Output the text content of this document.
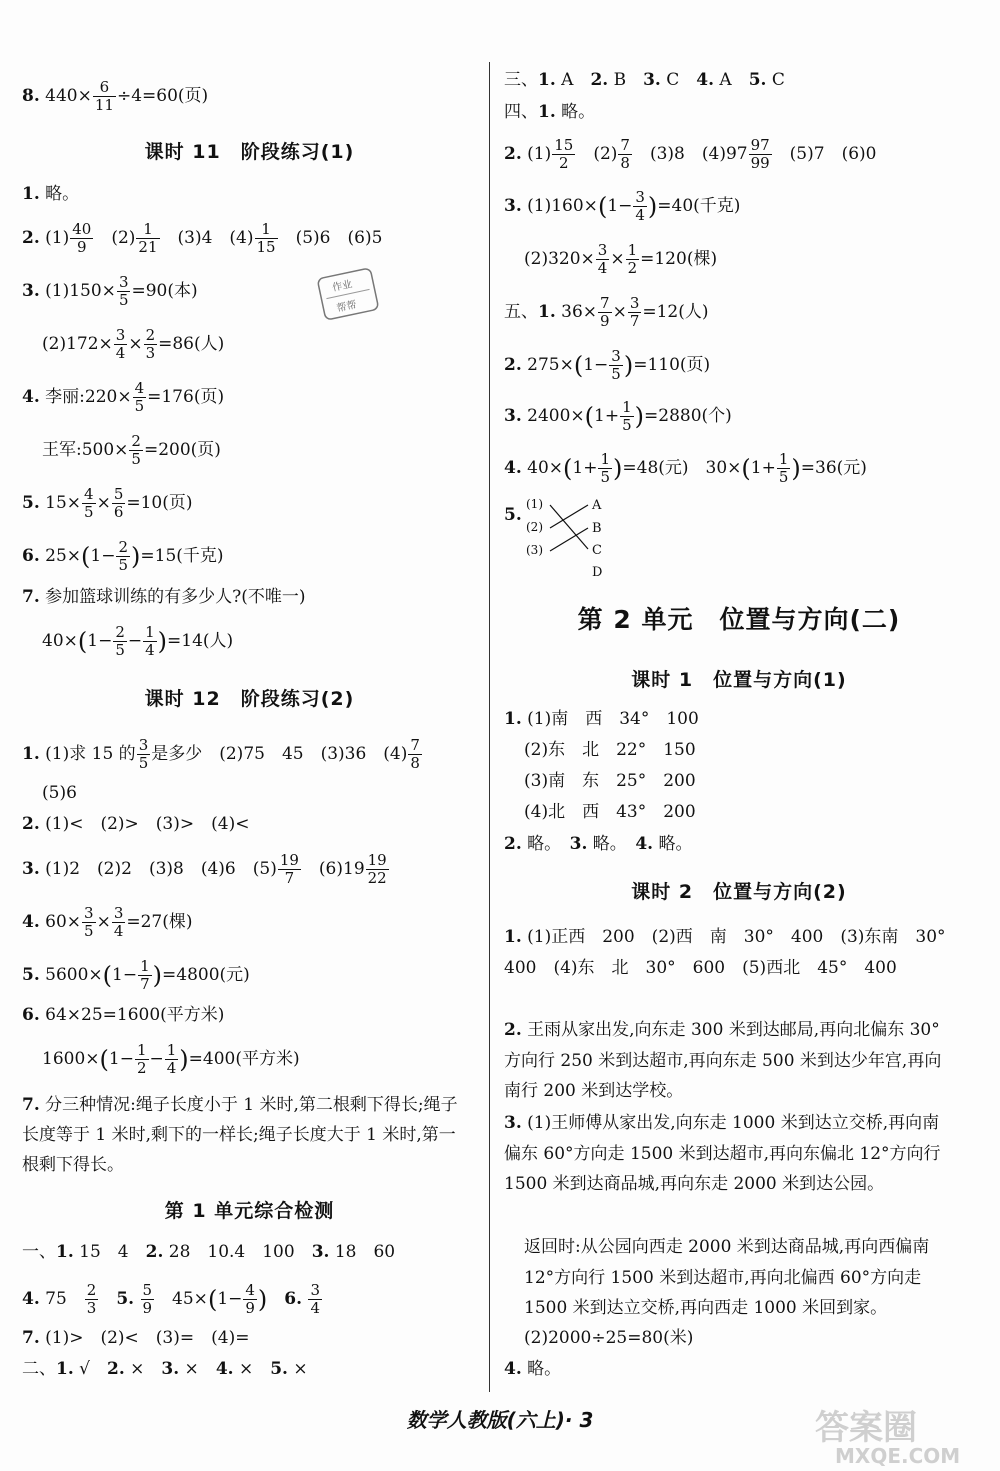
8. $440\times \frac{6}{11} \div 4=60$(页)
课时 11　阶段练习(1)
1. 略。
2. $(1) \frac{40}{9}$ 　$(2) \frac{1}{21}$ 　(3)4　$(4) \frac{1}{15}$ 　(5)6　(6)5
3. $(1)150\times \frac{3}{5} =90$(本)
$(2)172\times \frac{3}{4} \times \frac{2}{3} =86$(人)
4. 李丽:220× $\frac{4}{5} =176$(页)
王军:500× $\frac{2}{5} =200$(页)
5. $15\times \frac{4}{5} \times \frac{5}{6} =10$(页)
6. $25\times(1- \frac{2}{5} )=15$(千克)
7. 参加篮球训练的有多少人?(不唯一)
$40\times(1- \frac{2}{5} - \frac{1}{4} )=14$(人)
课时 12　阶段练习(2)
1. (1)求 15 的 $\frac{3}{5}$ 是多少　(2)75　45　(3)36　$(4) \frac{7}{8}$
(5)6
2. (1)<　(2)>　(3)>　(4)<
3. (1)2　(2)2　(3)8　(4)6　$(5) \frac{19}{7}$ 　$(6)19 \frac{19}{22}$
4. $60\times \frac{3}{5} \times \frac{3}{4} =27$(棵)
5. $5600\times(1- \frac{1}{7} )=4800$(元)
6. 64×25=1600(平方米)
$1600\times(1- \frac{1}{2} - \frac{1}{4} )=400$(平方米)
7. 分三种情况:绳子长度小于 1 米时,第二根剩下得长;绳子长度等于 1 米时,剩下的一样长;绳子长度大于 1 米时,第一根剩下得长。
第 1 单元综合检测
一、1. 15　4　2. 28　10.4　100　3. 18　60
4. 75　 $\frac{2}{3}$
　 5. $\frac{5}{9}$ 　$45\times(1- \frac{4}{9}$ )　 6. $\frac{3}{4}$
7. (1)>　(2)<　(3)=　(4)=
二、1. √　2. ×　3. ×　4. ×　5. ×
三、1. A　2. B　3. C　4. A　5. C
四、1. 略。
2. $(1) \frac{15}{2}$ 　$(2) \frac{7}{8}$ 　(3)8　$(4)97 \frac{97}{99}$ 　(5)7　(6)0
3. $(1)160\times(1- \frac{3}{4} )=40$(千克)
$(2)320\times \frac{3}{4} \times \frac{1}{2} =120$(棵)
五、1. $36\times \frac{7}{9} \times \frac{3}{7} =12$(人)
2. $275\times(1- \frac{3}{5} )=110$(页)
3. $2400\times(1+ \frac{1}{5} )=2880$(个)
4. $40\times(1+ \frac{1}{5} )=48$(元)　$30\times(1+ \frac{1}{5} )=36$(元)
5.
(1)
(2)
(3)
A
B
C
D
第 2 单元　位置与方向(二)
课时 1　位置与方向(1)
1. (1)南　西　34°　100
(2)东　北　22°　150
(3)南　东　25°　200
(4)北　西　43°　200
2. 略。　3. 略。　4. 略。
课时 2　位置与方向(2)
1. (1)正西　200　(2)西　南　30°　400　(3)东南　30°　400　(4)东　北　30°　600　(5)西北　45°　400
2. 王雨从家出发,向东走 300 米到达邮局,再向北偏东 30°方向行 250 米到达超市,再向东走 500 米到达少年宫,再向南行 200 米到达学校。
3. (1)王师傅从家出发,向东走 1000 米到达立交桥,再向南偏东 60°方向走 1500 米到达超市,再向东偏北 12°方向行 1500 米到达商品城,再向东走 2000 米到达公园。
返回时:从公园向西走 2000 米到达商品城,再向西偏南 12°方向行 1500 米到达超市,再向北偏西 60°方向走 1500 米到达立交桥,再向西走 1000 米回到家。
(2)2000÷25=80(米)
4. 略。
作业
帮帮
数学人教版(六上)· 3	答案圈
MXQE.COM
